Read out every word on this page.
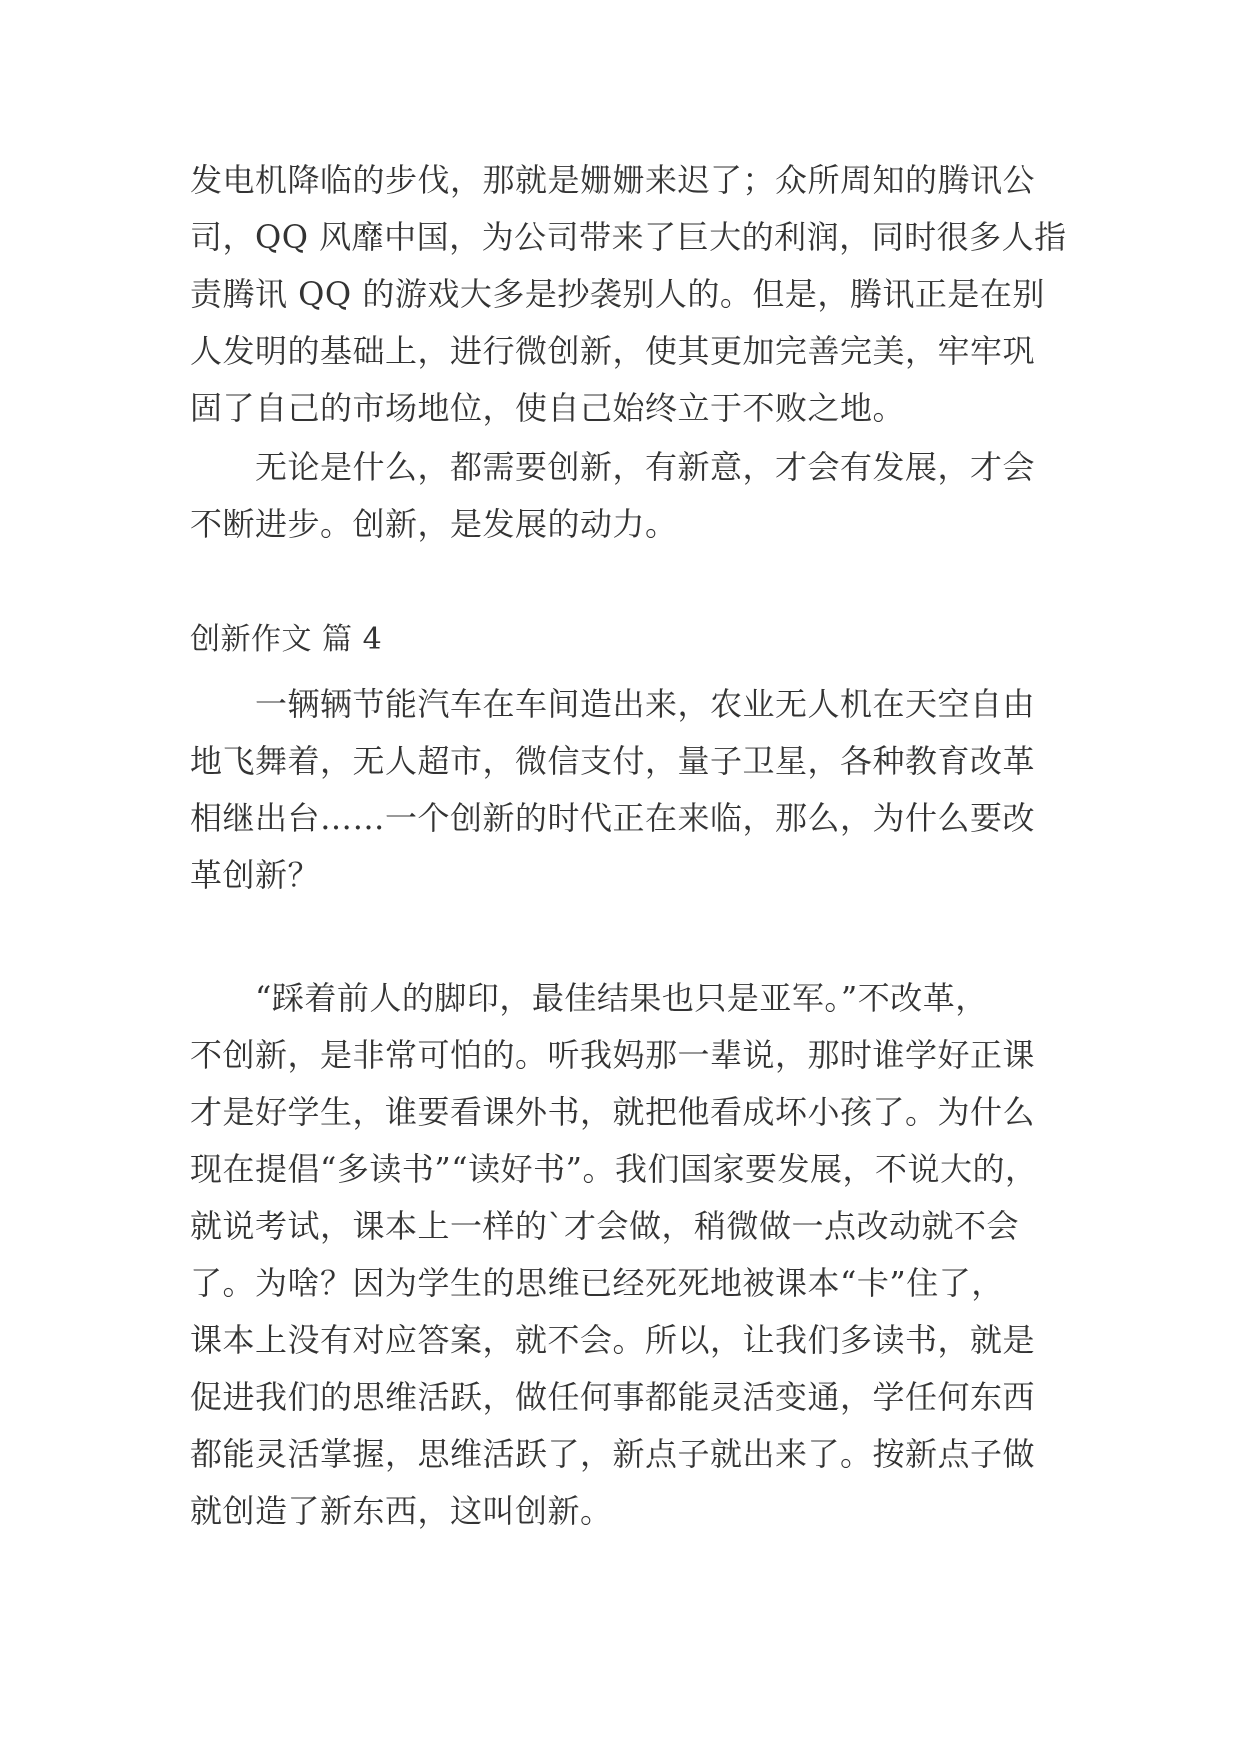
发电机降临的步伐，那就是姗姗来迟了；众所周知的腾讯公
司，QQ 风靡中国，为公司带来了巨大的利润，同时很多人指
责腾讯 QQ 的游戏大多是抄袭别人的。但是，腾讯正是在别
人发明的基础上，进行微创新，使其更加完善完美，牢牢巩
固了自己的市场地位，使自己始终立于不败之地。
　　无论是什么，都需要创新，有新意，才会有发展，才会
不断进步。创新，是发展的动力。
创新作文 篇 4
　　一辆辆节能汽车在车间造出来，农业无人机在天空自由
地飞舞着，无人超市，微信支付，量子卫星，各种教育改革
相继出台……一个创新的时代正在来临，那么，为什么要改
革创新？
　　“踩着前人的脚印，最佳结果也只是亚军。”不改革，
不创新，是非常可怕的。听我妈那一辈说，那时谁学好正课
才是好学生，谁要看课外书，就把他看成坏小孩了。为什么
现在提倡“多读书”“读好书”。我们国家要发展，不说大的，
就说考试，课本上一样的`才会做，稍微做一点改动就不会
了。为啥？因为学生的思维已经死死地被课本“卡”住了，
课本上没有对应答案，就不会。所以，让我们多读书，就是
促进我们的思维活跃，做任何事都能灵活变通，学任何东西
都能灵活掌握，思维活跃了，新点子就出来了。按新点子做
就创造了新东西，这叫创新。
